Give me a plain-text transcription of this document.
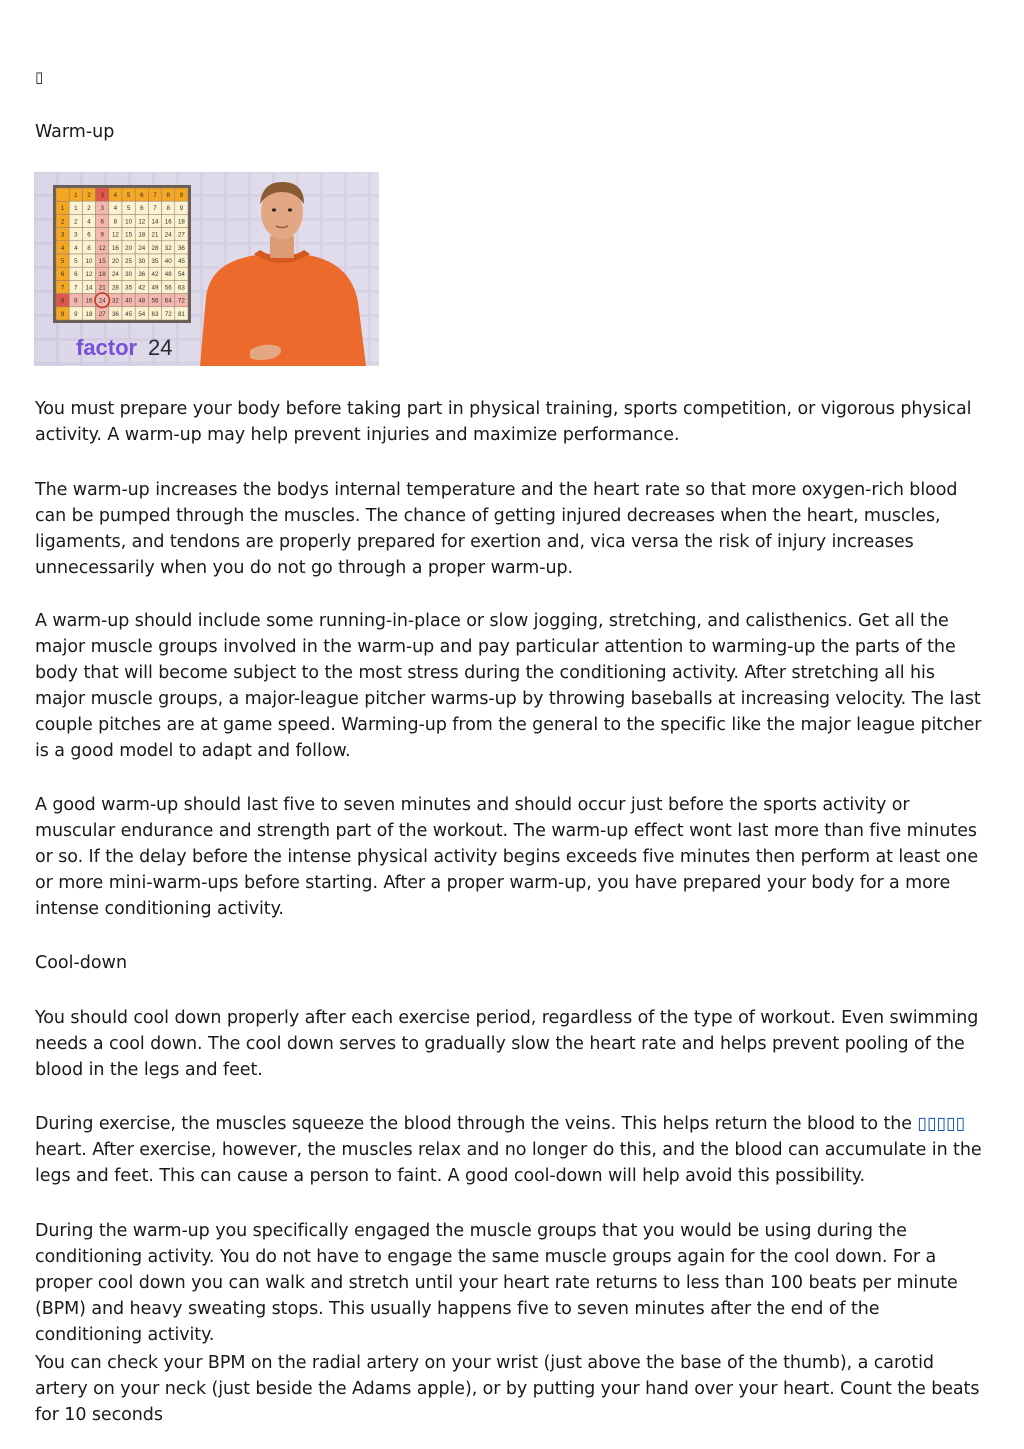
▯
Warm-up
1 2 3 4 5 6 7 8 9
1 1 2 3 4 5 6 7 8 9
2 2 4 6 8 10 12 14 16 18
3 3 6 9 12 15 18 21 24 27
4 4 8 12 16 20 24 28 32 36
5 5 10 15 20 25 30 35 40 45
6 6 12 18 24 30 36 42 48 54
7 7 14 21 28 35 42 49 56 63
8 8 16 24 32 40 48 56 64 72
9 9 18 27 36 45 54 63 72 81
factor 24

You must prepare your body before taking part in physical training, sports competition, or vigorous physical activity. A warm-up may help prevent injuries and maximize performance.

The warm-up increases the bodys internal temperature and the heart rate so that more oxygen-rich blood can be pumped through the muscles. The chance of getting injured decreases when the heart, muscles, ligaments, and tendons are properly prepared for exertion and, vica versa the risk of injury increases unnecessarily when you do not go through a proper warm-up.

A warm-up should include some running-in-place or slow jogging, stretching, and calisthenics. Get all the major muscle groups involved in the warm-up and pay particular attention to warming-up the parts of the body that will become subject to the most stress during the conditioning activity. After stretching all his major muscle groups, a major-league pitcher warms-up by throwing baseballs at increasing velocity. The last couple pitches are at game speed. Warming-up from the general to the specific like the major league pitcher is a good model to adapt and follow.

A good warm-up should last five to seven minutes and should occur just before the sports activity or muscular endurance and strength part of the workout. The warm-up effect wont last more than five minutes or so. If the delay before the intense physical activity begins exceeds five minutes then perform at least one or more mini-warm-ups before starting. After a proper warm-up, you have prepared your body for a more intense conditioning activity.

Cool-down

You should cool down properly after each exercise period, regardless of the type of workout. Even swimming needs a cool down. The cool down serves to gradually slow the heart rate and helps prevent pooling of the blood in the legs and feet.

During exercise, the muscles squeeze the blood through the veins. This helps return the blood to the ▯▯▯▯▯ heart. After exercise, however, the muscles relax and no longer do this, and the blood can accumulate in the legs and feet. This can cause a person to faint. A good cool-down will help avoid this possibility.

During the warm-up you specifically engaged the muscle groups that you would be using during the conditioning activity. You do not have to engage the same muscle groups again for the cool down. For a proper cool down you can walk and stretch until your heart rate returns to less than 100 beats per minute (BPM) and heavy sweating stops. This usually happens five to seven minutes after the end of the conditioning activity.

You can check your BPM on the radial artery on your wrist (just above the base of the thumb), a carotid artery on your neck (just beside the Adams apple), or by putting your hand over your heart. Count the beats for 10 seconds
